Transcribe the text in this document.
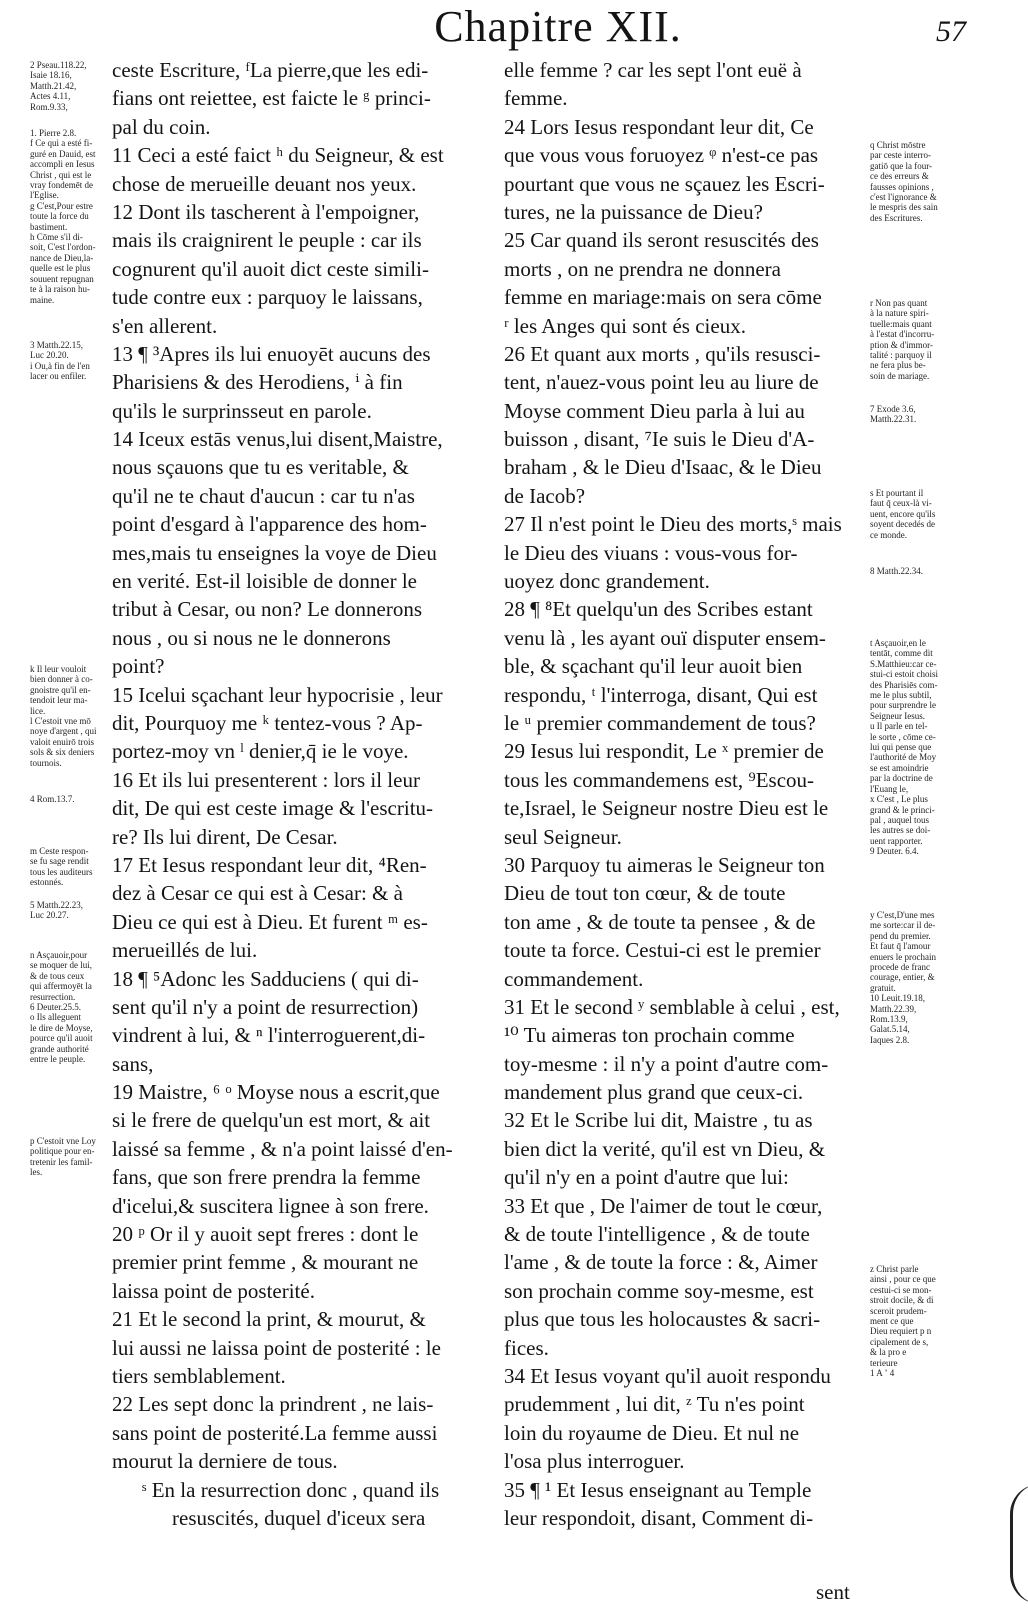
Chapitre XII.	57
ceste Escriture, ᶠLa pierre,que les edi-
fians ont reiettee, est faicte le ᵍ princi-
pal du coin.
11 Ceci a esté faict ʰ du Seigneur, & est
chose de merueille deuant nos yeux.
12 Dont ils tascherent à l'empoigner,
mais ils craignirent le peuple : car ils
cognurent qu'il auoit dict ceste simili-
tude contre eux : parquoy le laissans,
s'en allerent.
13 ¶ ³Apres ils lui enuoyēt aucuns des
Pharisiens & des Herodiens, ⁱ à fin
qu'ils le surprinsseut en parole.
14 Iceux estās venus,lui disent,Maistre,
nous sçauons que tu es veritable, &
qu'il ne te chaut d'aucun : car tu n'as
point d'esgard à l'apparence des hom-
mes,mais tu enseignes la voye de Dieu
en verité. Est-il loisible de donner le
tribut à Cesar, ou non? Le donnerons
nous , ou si nous ne le donnerons
point?
15 Icelui sçachant leur hypocrisie , leur
dit, Pourquoy me ᵏ tentez-vous ? Ap-
portez-moy vn ˡ denier,q̄ ie le voye.
16 Et ils lui presenterent : lors il leur
dit, De qui est ceste image & l'escritu-
re? Ils lui dirent, De Cesar.
17 Et Iesus respondant leur dit, ⁴Ren-
dez à Cesar ce qui est à Cesar: & à
Dieu ce qui est à Dieu. Et furent ᵐ es-
merueillés de lui.
18 ¶ ⁵Adonc les Sadduciens ( qui di-
sent qu'il n'y a point de resurrection)
vindrent à lui, & ⁿ l'interroguerent,di-
sans,
19 Maistre, ⁶ ᵒ Moyse nous a escrit,que
si le frere de quelqu'un est mort, & ait
laissé sa femme , & n'a point laissé d'en-
fans, que son frere prendra la femme
d'icelui,& suscitera lignee à son frere.
20 ᵖ Or il y auoit sept freres : dont le
premier print femme , & mourant ne
laissa point de posterité.
21 Et le second la print, & mourut, &
lui aussi ne laissa point de posterité : le
tiers semblablement.
22 Les sept donc la prindrent , ne lais-
sans point de posterité.La femme aussi
mourut la derniere de tous.
ˢ En la resurrection donc , quand ils
resuscités, duquel d'iceux sera
elle femme ? car les sept l'ont euë à
femme.
24 Lors Iesus respondant leur dit, Ce
que vous vous foruoyez ᵠ n'est-ce pas
pourtant que vous ne sçauez les Escri-
tures, ne la puissance de Dieu?
25 Car quand ils seront resuscités des
morts , on ne prendra ne donnera
femme en mariage:mais on sera cōme
ʳ les Anges qui sont és cieux.
26 Et quant aux morts , qu'ils resusci-
tent, n'auez-vous point leu au liure de
Moyse comment Dieu parla à lui au
buisson , disant, ⁷Ie suis le Dieu d'A-
braham , & le Dieu d'Isaac, & le Dieu
de Iacob?
27 Il n'est point le Dieu des morts,ˢ mais
le Dieu des viuans : vous-vous for-
uoyez donc grandement.
28 ¶ ⁸Et quelqu'un des Scribes estant
venu là , les ayant ouï disputer ensem-
ble, & sçachant qu'il leur auoit bien
respondu, ᵗ l'interroga, disant, Qui est
le ᵘ premier commandement de tous?
29 Iesus lui respondit, Le ˣ premier de
tous les commandemens est, ⁹Escou-
te,Israel, le Seigneur nostre Dieu est le
seul Seigneur.
30 Parquoy tu aimeras le Seigneur ton
Dieu de tout ton cœur, & de toute
ton ame , & de toute ta pensee , & de
toute ta force. Cestui-ci est le premier
commandement.
31 Et le second ʸ semblable à celui , est,
¹⁰ Tu aimeras ton prochain comme
toy-mesme : il n'y a point d'autre com-
mandement plus grand que ceux-ci.
32 Et le Scribe lui dit, Maistre , tu as
bien dict la verité, qu'il est vn Dieu, &
qu'il n'y en a point d'autre que lui:
33 Et que , De l'aimer de tout le cœur,
& de toute l'intelligence , & de toute
l'ame , & de toute la force : &, Aimer
son prochain comme soy-mesme, est
plus que tous les holocaustes & sacri-
fices.
34 Et Iesus voyant qu'il auoit respondu
prudemment , lui dit, ᶻ Tu n'es point
loin du royaume de Dieu. Et nul ne
l'osa plus interroguer.
35 ¶ ¹ Et Iesus enseignant au Temple
leur respondoit, disant, Comment di-
2 Pseau.118.22,
Isaie 18.16,
Matth.21.42,
Actes 4.11,
Rom.9.33,
1. Pierre 2.8.
f Ce qui a esté fi-
guré en Dauid, est
accompli en Iesus
Christ , qui est le
vray fondemēt de
l'Eglise.
g C'est,Pour estre
toute la force du
bastiment.
h Cōme s'il di-
soit, C'est l'ordon-
nance de Dieu,la-
quelle est le plus
souuent repugnan
te à la raison hu-
maine.
3 Matth.22.15,
Luc 20.20.
i Ou,à fin de l'en
lacer ou enfiler.
k Il leur vouloit
bien donner à co-
gnoistre qu'il en-
tendoit leur ma-
lice.
l C'estoit vne mō
noye d'argent , qui
valoit enuirō trois
sols & six deniers
tournois.
4 Rom.13.7.
m Ceste respon-
se fu sage rendit
tous les auditeurs
estonnés.
5 Matth.22.23,
Luc 20.27.
n Asçauoir,pour
se moquer de lui,
& de tous ceux
qui affermoyēt la
resurrection.
6 Deuter.25.5.
o Ils alleguent
le dire de Moyse,
pource qu'il auoit
grande authorité
entre le peuple.
p C'estoit vne Loy
politique pour en-
tretenir les famil-
les.
q Christ mōstre
par ceste interro-
gatiō que la four-
ce des erreurs &
fausses opinions ,
c'est l'ignorance &
le mespris des sain
des Escritures.
r Non pas quant
à la nature spiri-
tuelle:mais quant
à l'estat d'incorru-
ption & d'immor-
talité : parquoy il
ne fera plus be-
soin de mariage.
7 Exode 3.6,
Matth.22.31.
s Et pourtant il
faut q̄ ceux-là vi-
uent, encore qu'ils
soyent decedés de
ce monde.
8 Matth.22.34.
t Asçauoir,en le
tentāt, comme dit
S.Matthieu:car ce-
stui-ci estoit choisi
des Pharisiēs com-
me le plus subtil,
pour surprendre le
Seigneur Iesus.
u Il parle en tel-
le sorte , cōme ce-
lui qui pense que
l'authorité de Moy
se est amoindrie
par la doctrine de
l'Euang le,
x C'est , Le plus
grand & le princi-
pal , auquel tous
les autres se doi-
uent rapporter.
9 Deuter. 6.4.
y C'est,D'une mes
me sorte:car il de-
pend du premier.
Et faut q̄ l'amour
enuers le prochain
procede de franc
courage, entier, &
gratuit.
10 Leuit.19.18,
Matth.22.39,
Rom.13.9,
Galat.5.14,
Iaques 2.8.
z Christ parle
ainsi , pour ce que
cestui-ci se mon-
stroit docile, & di
sceroit prudem-
ment ce que
Dieu requiert p n
cipalement de s,
& la pro e
terieure
1 A ʼ 4
sent
